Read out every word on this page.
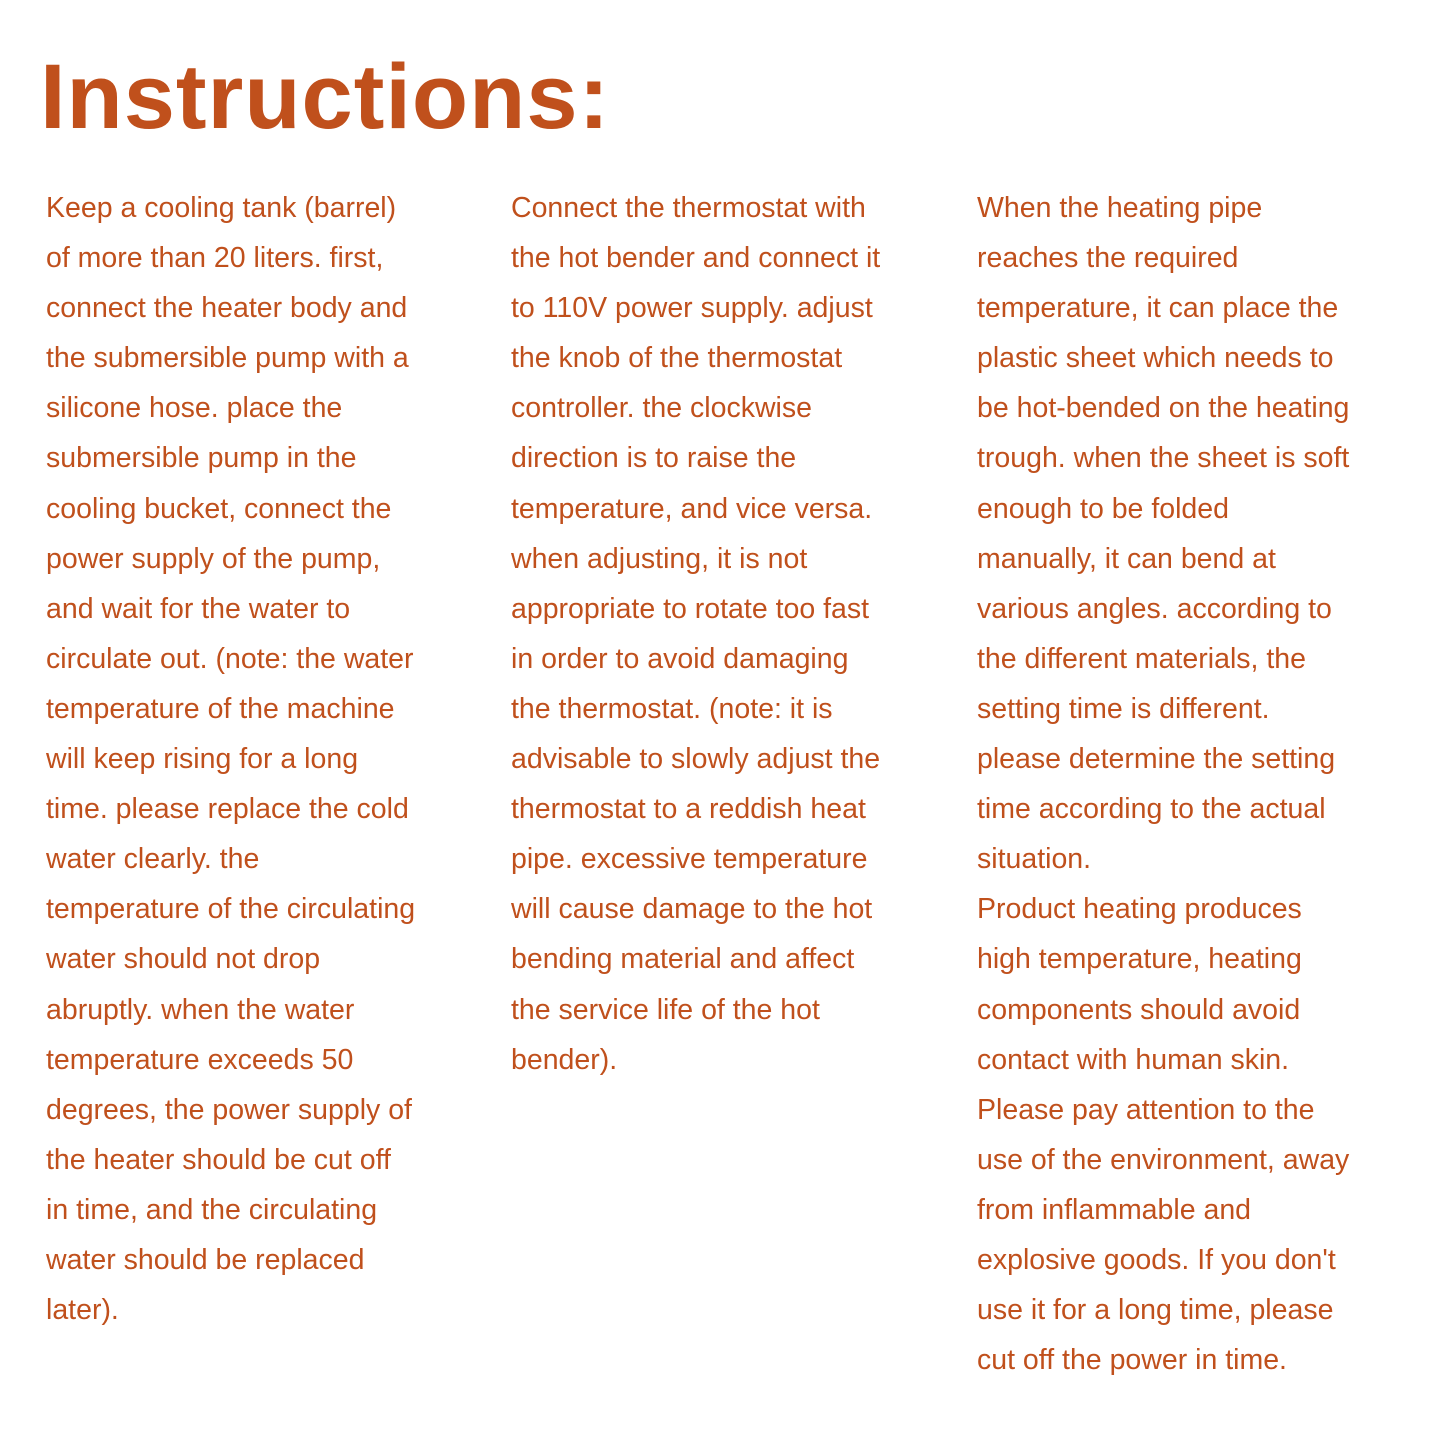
Instructions:
Keep a cooling tank (barrel)
of more than 20 liters. first,
connect the heater body and
the submersible pump with a
silicone hose. place the
submersible pump in the
cooling bucket, connect the
power supply of the pump,
and wait for the water to
circulate out. (note: the water
temperature of the machine
will keep rising for a long
time. please replace the cold
water clearly. the
temperature of the circulating
water should not drop
abruptly. when the water
temperature exceeds 50
degrees, the power supply of
the heater should be cut off
in time, and the circulating
water should be replaced
later).
Connect the thermostat with
the hot bender and connect it
to 110V power supply. adjust
the knob of the thermostat
controller. the clockwise
direction is to raise the
temperature, and vice versa.
when adjusting, it is not
appropriate to rotate too fast
in order to avoid damaging
the thermostat. (note: it is
advisable to slowly adjust the
thermostat to a reddish heat
pipe. excessive temperature
will cause damage to the hot
bending material and affect
the service life of the hot
bender).
When the heating pipe
reaches the required
temperature, it can place the
plastic sheet which needs to
be hot-bended on the heating
trough. when the sheet is soft
enough to be folded
manually, it can bend at
various angles. according to
the different materials, the
setting time is different.
please determine the setting
time according to the actual
situation.
Product heating produces
high temperature, heating
components should avoid
contact with human skin.
Please pay attention to the
use of the environment, away
from inflammable and
explosive goods. If you don't
use it for a long time, please
cut off the power in time.
